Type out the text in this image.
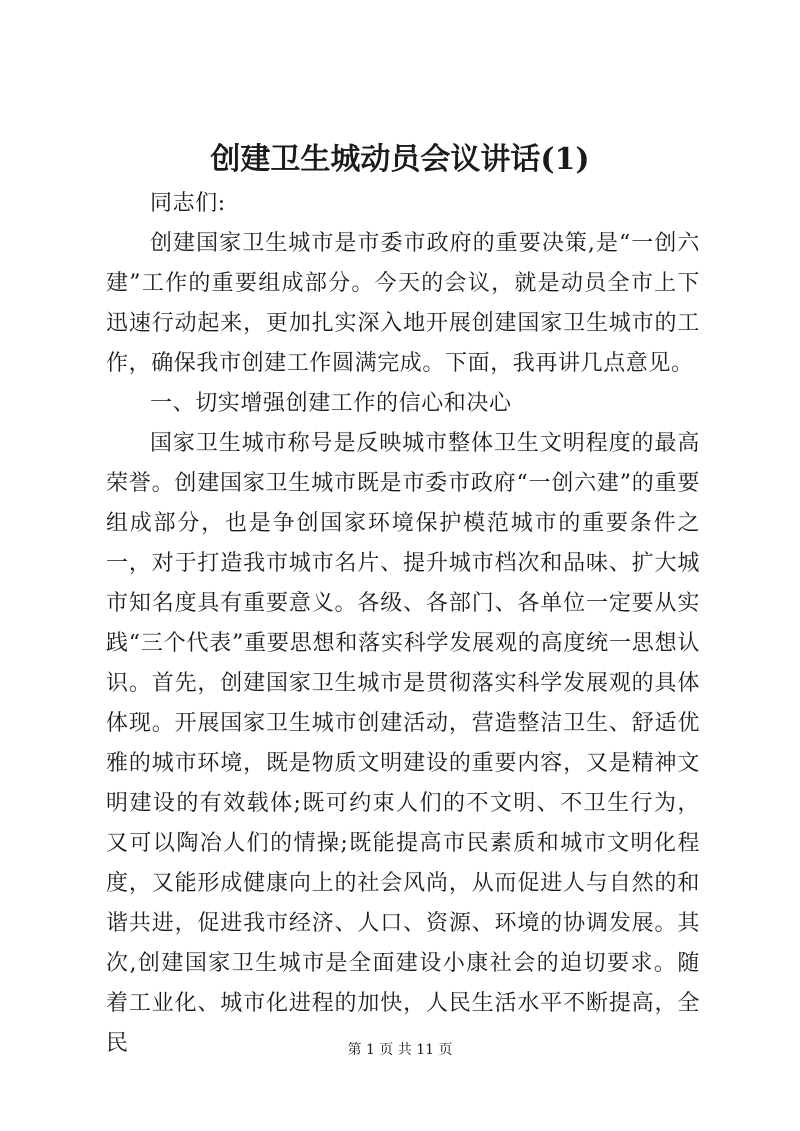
创建卫生城动员会议讲话(1)

同志们:

创建国家卫生城市是市委市政府的重要决策,是“一创六建”工作的重要组成部分。今天的会议，就是动员全市上下迅速行动起来，更加扎实深入地开展创建国家卫生城市的工作，确保我市创建工作圆满完成。下面，我再讲几点意见。

一、切实增强创建工作的信心和决心

国家卫生城市称号是反映城市整体卫生文明程度的最高荣誉。创建国家卫生城市既是市委市政府“一创六建”的重要组成部分，也是争创国家环境保护模范城市的重要条件之一，对于打造我市城市名片、提升城市档次和品味、扩大城市知名度具有重要意义。各级、各部门、各单位一定要从实践“三个代表”重要思想和落实科学发展观的高度统一思想认识。首先，创建国家卫生城市是贯彻落实科学发展观的具体体现。开展国家卫生城市创建活动，营造整洁卫生、舒适优雅的城市环境，既是物质文明建设的重要内容，又是精神文明建设的有效载体;既可约束人们的不文明、不卫生行为，又可以陶冶人们的情操;既能提高市民素质和城市文明化程度，又能形成健康向上的社会风尚，从而促进人与自然的和谐共进，促进我市经济、人口、资源、环境的协调发展。其次,创建国家卫生城市是全面建设小康社会的迫切要求。随着工业化、城市化进程的加快，人民生活水平不断提高，全民	第 1 页 共 11 页
